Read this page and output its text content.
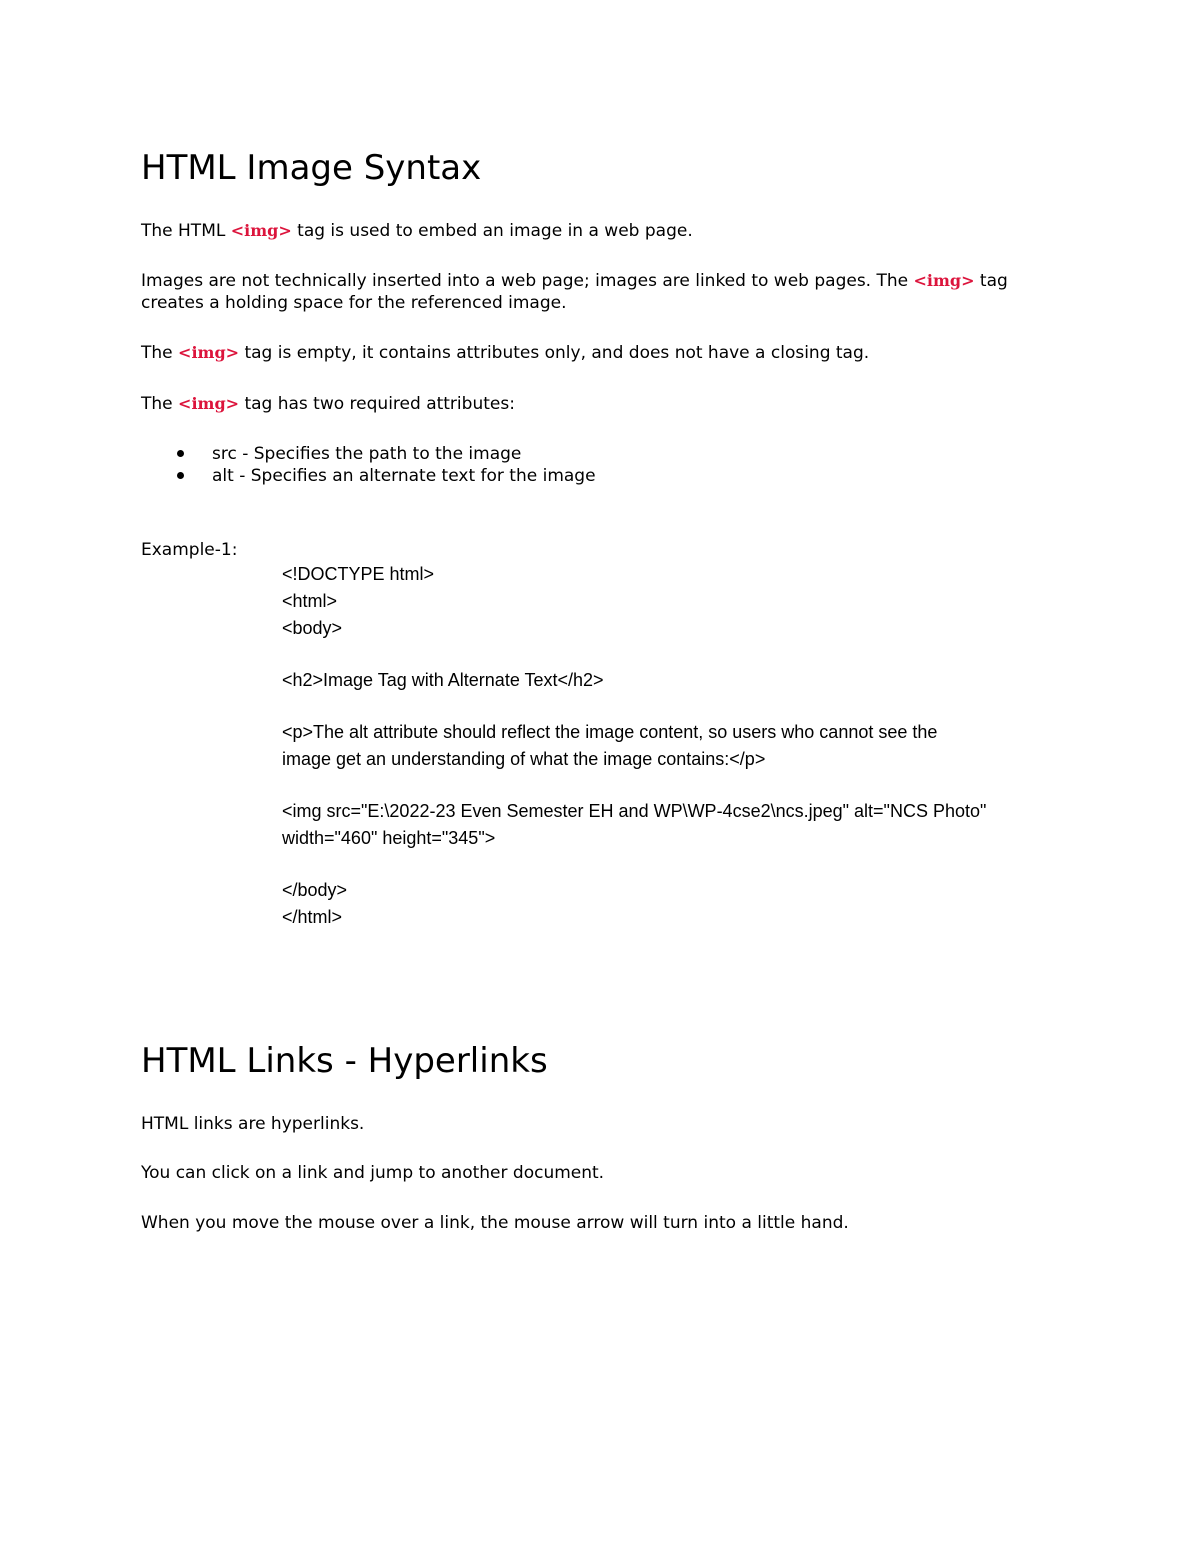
HTML Image Syntax

The HTML <img> tag is used to embed an image in a web page.

Images are not technically inserted into a web page; images are linked to web pages. The <img> tag

creates a holding space for the referenced image.

The <img> tag is empty, it contains attributes only, and does not have a closing tag.

The <img> tag has two required attributes:

src - Specifies the path to the image

alt - Specifies an alternate text for the image

Example-1:

<!DOCTYPE html>

<html>

<body>

<h2>Image Tag with Alternate Text</h2>

<p>The alt attribute should reflect the image content, so users who cannot see the

image get an understanding of what the image contains:</p>

<img src="E:\2022-23 Even Semester EH and WP\WP-4cse2\ncs.jpeg" alt="NCS Photo"

width="460" height="345">

</body>

</html>

HTML Links - Hyperlinks

HTML links are hyperlinks.

You can click on a link and jump to another document.

When you move the mouse over a link, the mouse arrow will turn into a little hand.
